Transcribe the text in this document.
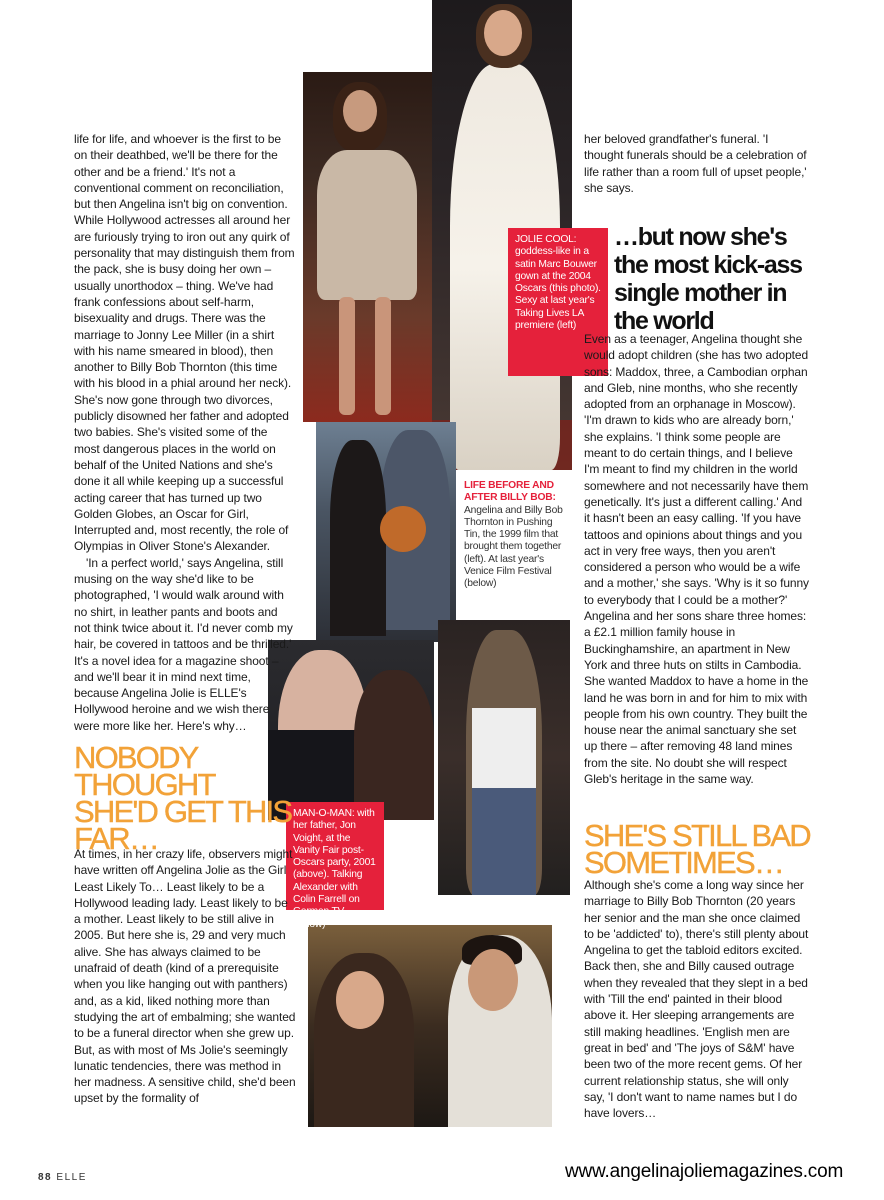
JOLIE COOL: goddess-like in a satin Marc Bouwer gown at the 2004 Oscars (this photo). Sexy at last year's Taking Lives LA premiere (left)
LIFE BEFORE AND AFTER BILLY BOB: Angelina and Billy Bob Thornton in Pushing Tin, the 1999 film that brought them together (left). At last year's Venice Film Festival (below)
MAN-O-MAN: with her father, Jon Voight, at the Vanity Fair post-Oscars party, 2001 (above). Talking Alexander with Colin Farrell on German TV (below)

life for life, and whoever is the first to be on their deathbed, we'll be there for the other and be a friend.' It's not a conventional comment on reconciliation, but then Angelina isn't big on convention. While Hollywood actresses all around her are furiously trying to iron out any quirk of personality that may distinguish them from the pack, she is busy doing her own – usually unorthodox – thing. We've had frank confessions about self-harm, bisexuality and drugs. There was the marriage to Jonny Lee Miller (in a shirt with his name smeared in blood), then another to Billy Bob Thornton (this time with his blood in a phial around her neck). She's now gone through two divorces, publicly disowned her father and adopted two babies. She's visited some of the most dangerous places in the world on behalf of the United Nations and she's done it all while keeping up a successful acting career that has turned up two Golden Globes, an Oscar for Girl, Interrupted and, most recently, the role of Olympias in Oliver Stone's Alexander.

'In a perfect world,' says Angelina, still musing on the way she'd like to be photographed, 'I would walk around with no shirt, in leather pants and boots and not think twice about it. I'd never comb my hair, be covered in tattoos and be thrilled.' It's a novel idea for a magazine shoot – and we'll bear it in mind next time, because Angelina Jolie is ELLE's Hollywood heroine and we wish there were more like her. Here's why…

NOBODY THOUGHT SHE'D GET THIS FAR…

At times, in her crazy life, observers might have written off Angelina Jolie as the Girl Least Likely To… Least likely to be a Hollywood leading lady. Least likely to be a mother. Least likely to be still alive in 2005. But here she is, 29 and very much alive. She has always claimed to be unafraid of death (kind of a prerequisite when you like hanging out with panthers) and, as a kid, liked nothing more than studying the art of embalming; she wanted to be a funeral director when she grew up. But, as with most of Ms Jolie's seemingly lunatic tendencies, there was method in her madness. A sensitive child, she'd been upset by the formality of

her beloved grandfather's funeral. 'I thought funerals should be a celebration of life rather than a room full of upset people,' she says.

…but now she's the most kick-ass single mother in the world

Even as a teenager, Angelina thought she would adopt children (she has two adopted sons: Maddox, three, a Cambodian orphan and Gleb, nine months, who she recently adopted from an orphanage in Moscow). 'I'm drawn to kids who are already born,' she explains. 'I think some people are meant to do certain things, and I believe I'm meant to find my children in the world somewhere and not necessarily have them genetically. It's just a different calling.' And it hasn't been an easy calling. 'If you have tattoos and opinions about things and you act in very free ways, then you aren't considered a person who would be a wife and a mother,' she says. 'Why is it so funny to everybody that I could be a mother?' Angelina and her sons share three homes: a £2.1 million family house in Buckinghamshire, an apartment in New York and three huts on stilts in Cambodia. She wanted Maddox to have a home in the land he was born in and for him to mix with people from his own country. They built the house near the animal sanctuary she set up there – after removing 48 land mines from the site. No doubt she will respect Gleb's heritage in the same way.

SHE'S STILL BAD SOMETIMES…

Although she's come a long way since her marriage to Billy Bob Thornton (20 years her senior and the man she once claimed to be 'addicted' to), there's still plenty about Angelina to get the tabloid editors excited. Back then, she and Billy caused outrage when they revealed that they slept in a bed with 'Till the end' painted in their blood above it. Her sleeping arrangements are still making headlines. 'English men are great in bed' and 'The joys of S&M' have been two of the more recent gems. Of her current relationship status, she will only say, 'I don't want to name names but I do have lovers…

88 ELLE	www.angelinajoliemagazines.com
